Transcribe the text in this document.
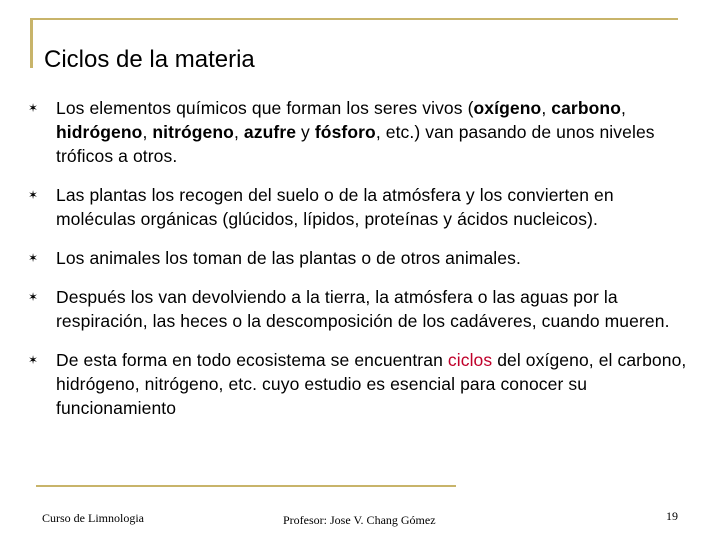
Ciclos de la materia
✶	Los elementos químicos que forman los seres vivos (oxígeno, carbono, hidrógeno, nitrógeno, azufre y fósforo, etc.) van pasando de unos niveles tróficos a otros.
✶	Las plantas los recogen del suelo o de la atmósfera y los convierten en moléculas orgánicas (glúcidos, lípidos, proteínas y ácidos nucleicos).
✶	Los animales los toman de las plantas o de otros animales.
✶	Después los van devolviendo a la tierra, la atmósfera o las aguas por la respiración, las heces o la descomposición de los cadáveres, cuando mueren.
✶	De esta forma en todo ecosistema se encuentran ciclos del oxígeno, el carbono, hidrógeno, nitrógeno, etc. cuyo estudio es esencial para conocer su funcionamiento
Curso de Limnologia	Profesor: Jose V. Chang Gómez	19
